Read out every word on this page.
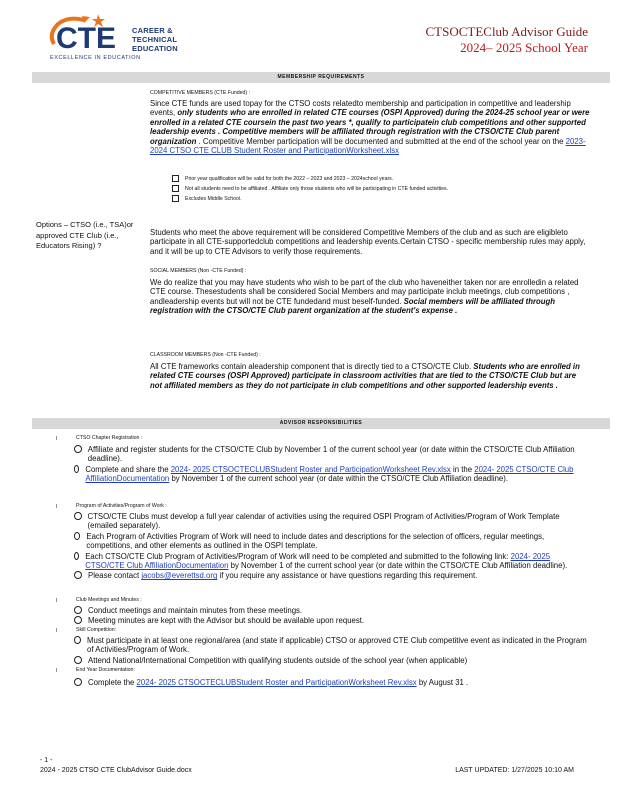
CTE CAREER &
TECHNICAL
EDUCATION
EXCELLENCE IN EDUCATION
CTSOCTEClub Advisor Guide
2024– 2025 School Year
MEMBERSHIP REQUIREMENTS
Options – CTSO (i.e., TSA)or approved CTE Club (i.e., Educators Rising) ?
COMPETITIVE MEMBERS (CTE Funded) :
Since CTE funds are used topay for the CTSO costs relatedto membership and participation in competitive and leadership events, only students who are enrolled in related CTE courses (OSPI Approved) during the 2024-25 school year or were enrolled in a related CTE coursein the past two years *, qualify to participatein club competitions and other supported leadership events . Competitive members will be affiliated through registration with the CTSO/CTE Club parent organization . Competitive Member participation will be documented and submitted at the end of the school year on the 2023- 2024 CTSO CTE CLUB Student Roster and ParticipationWorksheet.xlsx
Prior year qualification will be valid for both the 2022 – 2023 and 2023 – 2024school years.
Not all students need to be affiliated . Affiliate only those students who will be participating in CTE funded activities.
Excludes Middle School.
Students who meet the above requirement will be considered Competitive Members of the club and as such are eligibleto participate in all CTE-supportedclub competitions and leadership events.Certain CTSO - specific membership rules may apply, and it will be up to CTE Advisors to verify those requirements.
SOCIAL MEMBERS (Non -CTE Funded) :
We do realize that you may have students who wish to be part of the club who haveneither taken nor are enrolledin a related CTE course. Thesestudents shall be considered Social Members and may participate inclub meetings, club competitions , andleadership events but will not be CTE fundedand must beself-funded. Social members will be affiliated through registration with the CTSO/CTE Club parent organization at the student's expense .
CLASSROOM MEMBERS (Non -CTE Funded) :
All CTE frameworks contain aleadership component that is directly tied to a CTSO/CTE Club. Students who are enrolled in related CTE courses (OSPI Approved) participate in classroom activities that are tied to the CTSO/CTE Club but are not affiliated members as they do not participate in club competitions and other supported leadership events .
ADVISOR RESPONSIBILITIES
I	CTSO Chapter Registration :
Affiliate and register students for the CTSO/CTE Club by November 1 of the current school year (or date within the CTSO/CTE Club Affiliation deadline).
Complete and share the 2024- 2025 CTSOCTECLUBStudent Roster and ParticipationWorksheet Rev.xlsx in the 2024- 2025 CTSO/CTE Club AffiliationDocumentation by November 1 of the current school year (or date within the CTSO/CTE Club Affiliation deadline).
I	Program of Activities/Program of Work :
CTSO/CTE Clubs must develop a full year calendar of activities using the required OSPI Program of Activities/Program of Work Template (emailed separately).
Each Program of Activities Program of Work will need to include dates and descriptions for the selection of officers, regular meetings, competitions, and other elements as outlined in the OSPI template.
Each CTSO/CTE Club Program of Activities/Program of Work will need to be completed and submitted to the following link: 2024- 2025 CTSO/CTE Club AffiliationDocumentation by November 1 of the current school year (or date within the CTSO/CTE Club Affiliation deadline).
Please contact jacobs@everettsd.org if you require any assistance or have questions regarding this requirement.
I	Club Meetings and Minutes :
Conduct meetings and maintain minutes from these meetings.
Meeting minutes are kept with the Advisor but should be available upon request.
I	Skill Competition:
Must participate in at least one regional/area (and state if applicable) CTSO or approved CTE Club competitive event as indicated in the Program of Activities/Program of Work.
Attend National/International Competition with qualifying students outside of the school year (when applicable)
I	End Year Documentation:
Complete the 2024- 2025 CTSOCTECLUBStudent Roster and ParticipationWorksheet Rev.xlsx by August 31 .
- 1 -
2024 - 2025 CTSO CTE ClubAdvisor Guide.docx	LAST UPDATED: 1/27/2025 10:10 AM
